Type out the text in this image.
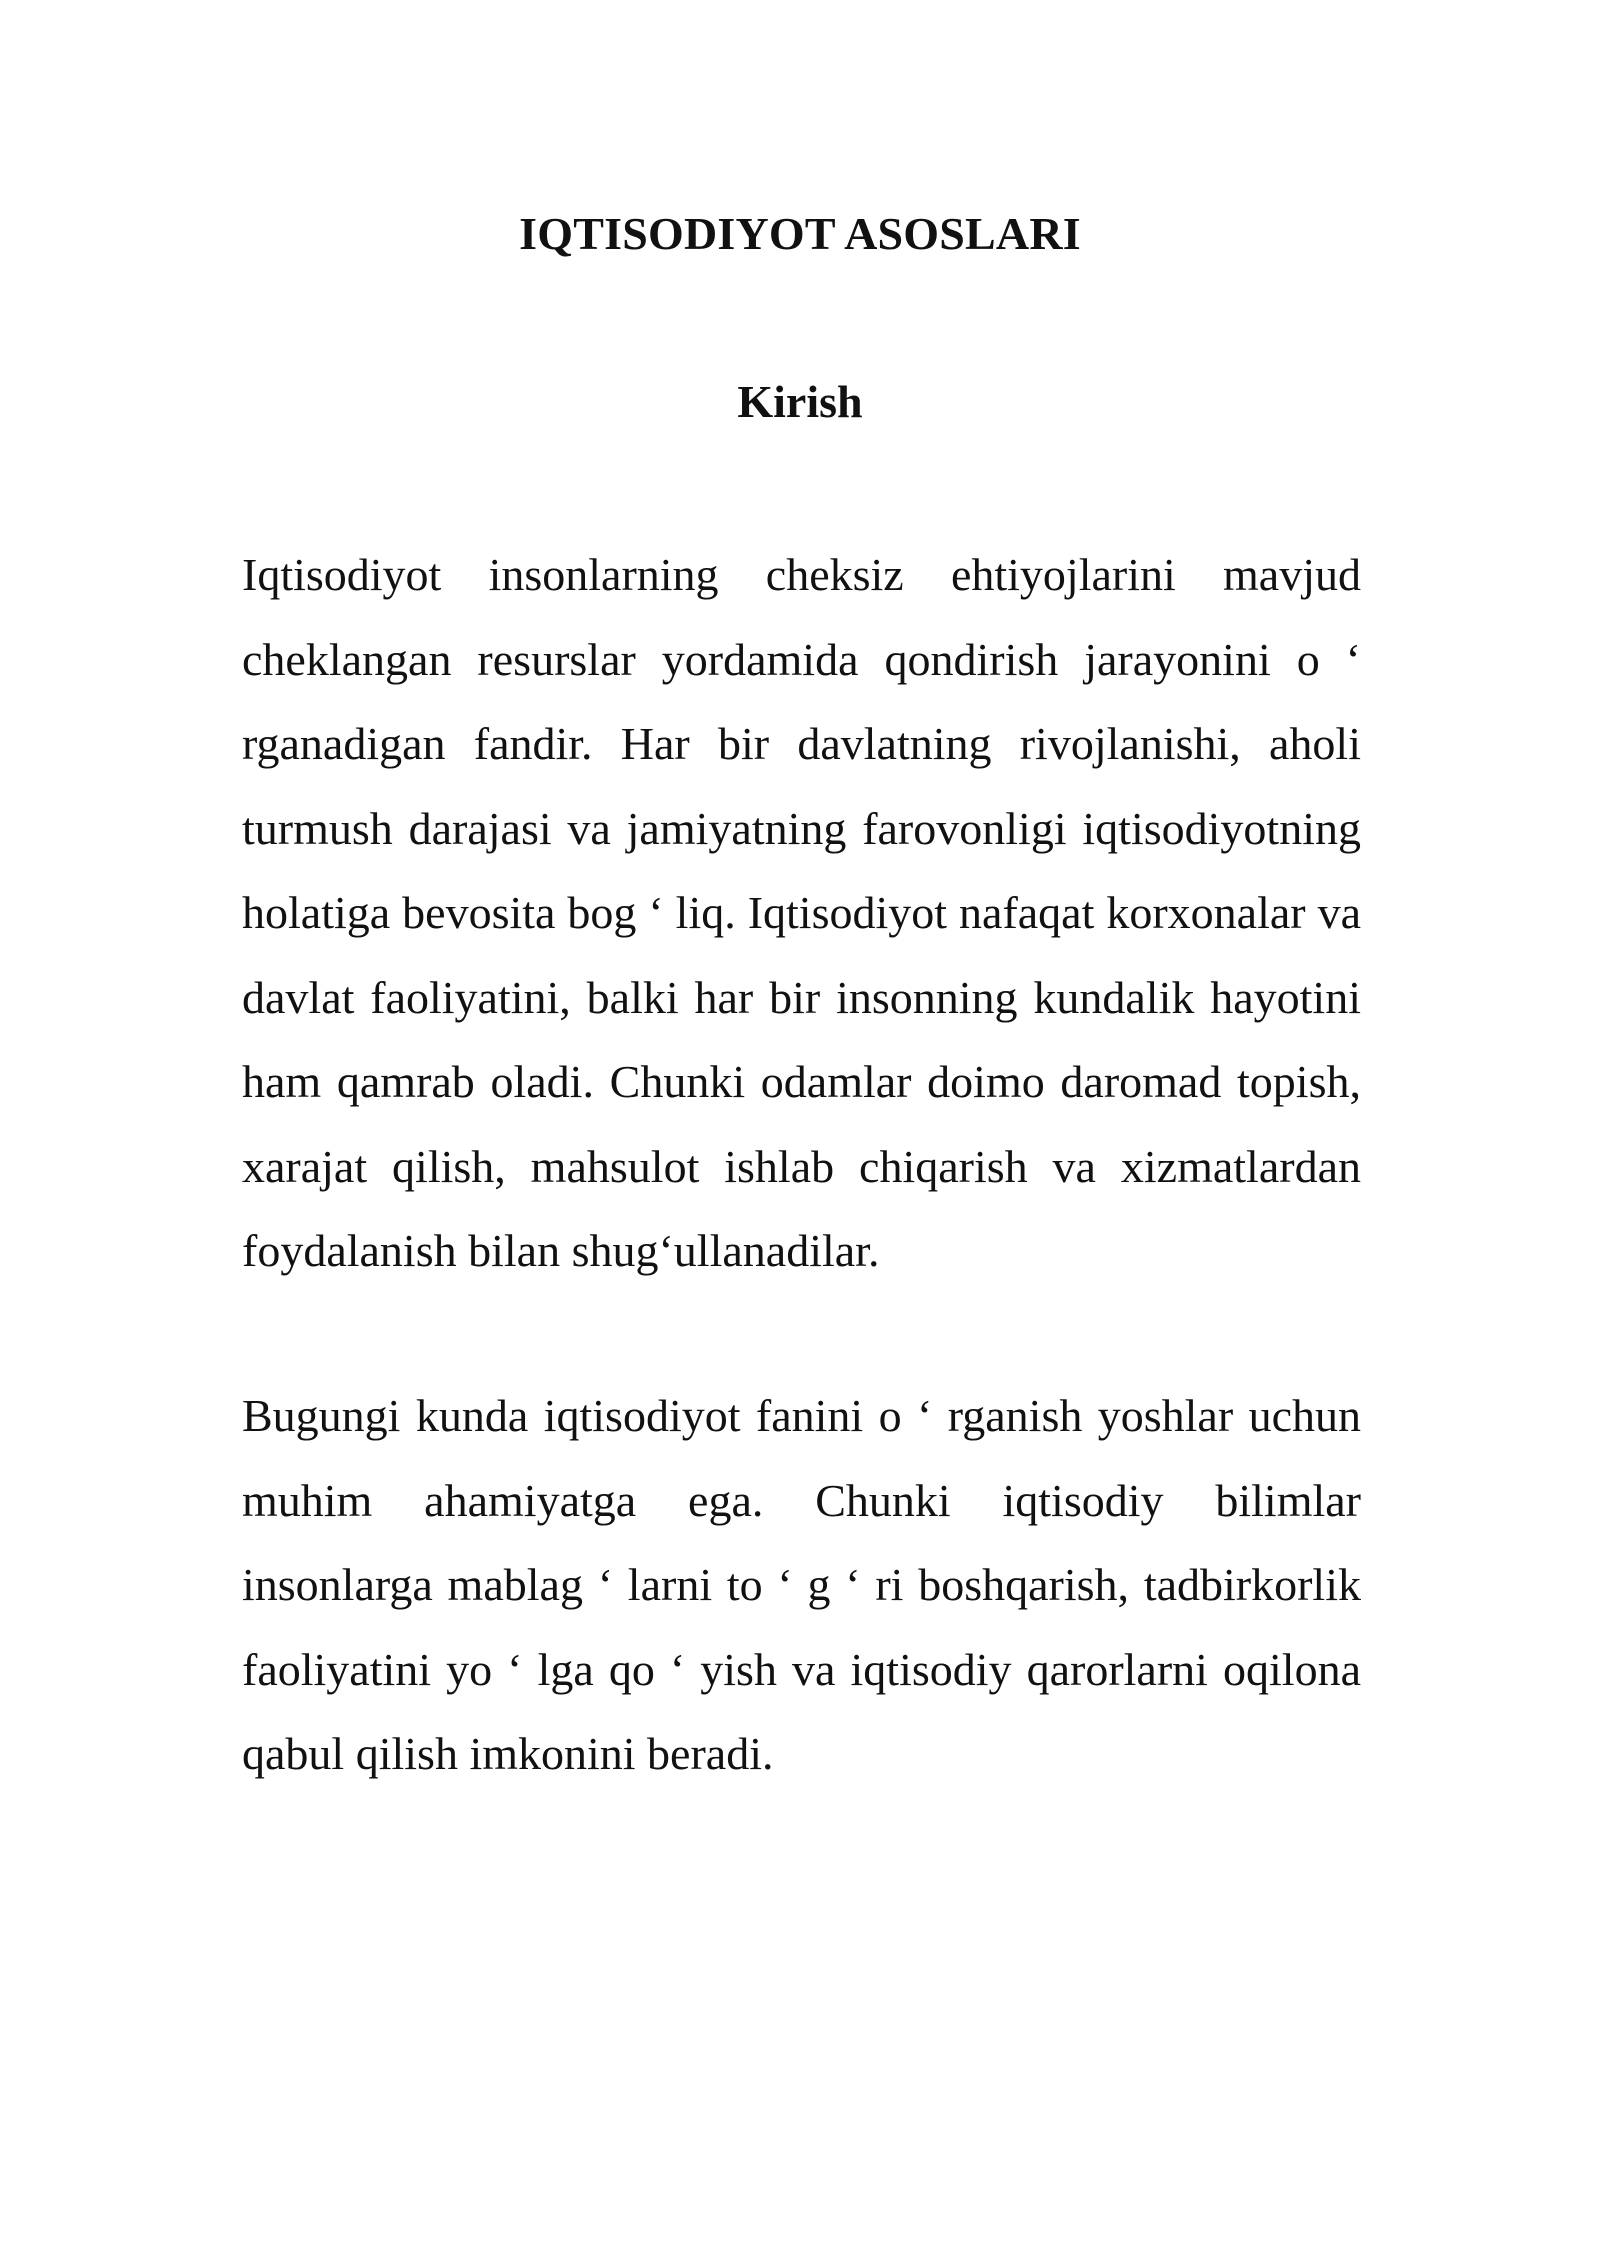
IQTISODIYOT ASOSLARI
Kirish

Iqtisodiyot insonlarning cheksiz ehtiyojlarini mavjud cheklangan resurslar yordamida qondirish jarayonini o ‘ rganadigan fandir. Har bir davlatning rivojlanishi, aholi turmush darajasi va jamiyatning farovonligi iqtisodiyotning holatiga bevosita bog ‘ liq. Iqtisodiyot nafaqat korxonalar va davlat faoliyatini, balki har bir insonning kundalik hayotini ham qamrab oladi. Chunki odamlar doimo daromad topish, xarajat qilish, mahsulot ishlab chiqarish va xizmatlardan foydalanish bilan shug‘ullanadilar.

Bugungi kunda iqtisodiyot fanini o ‘ rganish yoshlar uchun muhim ahamiyatga ega. Chunki iqtisodiy bilimlar insonlarga mablag ‘ larni to ‘ g ‘ ri boshqarish, tadbirkorlik faoliyatini yo ‘ lga qo ‘ yish va iqtisodiy qarorlarni oqilona qabul qilish imkonini beradi.
